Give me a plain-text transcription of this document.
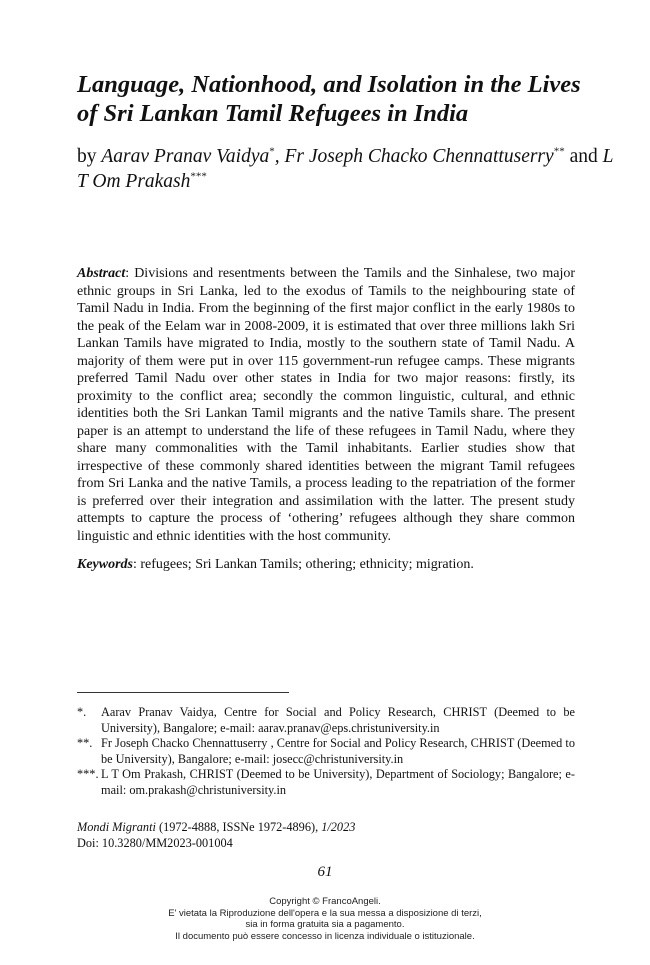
Language, Nationhood, and Isolation in the Lives of Sri Lankan Tamil Refugees in India

by Aarav Pranav Vaidya*, Fr Joseph Chacko Chennattuserry** and L T Om Prakash***

Abstract: Divisions and resentments between the Tamils and the Sinhalese, two major ethnic groups in Sri Lanka, led to the exodus of Tamils to the neighbouring state of Tamil Nadu in India. From the beginning of the first major conflict in the early 1980s to the peak of the Eelam war in 2008-2009, it is estimated that over three millions lakh Sri Lankan Tamils have migrated to India, mostly to the southern state of Tamil Nadu. A majority of them were put in over 115 government-run refugee camps. These migrants preferred Tamil Nadu over other states in India for two major reasons: firstly, its proximity to the conflict area; secondly the common linguistic, cultural, and ethnic identities both the Sri Lankan Tamil migrants and the native Tamils share. The present paper is an attempt to understand the life of these refugees in Tamil Nadu, where they share many commonalities with the Tamil inhabitants. Earlier studies show that irrespective of these commonly shared identities between the migrant Tamil refugees from Sri Lanka and the native Tamils, a process leading to the repatriation of the former is preferred over their integration and assimilation with the latter. The present study attempts to capture the process of ‘othering’ refugees although they share common linguistic and ethnic identities with the host community.

Keywords: refugees; Sri Lankan Tamils; othering; ethnicity; migration.

*. Aarav Pranav Vaidya, Centre for Social and Policy Research, CHRIST (Deemed to be University), Bangalore; e-mail: aarav.pranav@eps.christuniversity.in
**. Fr Joseph Chacko Chennattuserry , Centre for Social and Policy Research, CHRIST (Deemed to be University), Bangalore; e-mail: josecc@christuniversity.in
***. L T Om Prakash, CHRIST (Deemed to be University), Department of Sociology; Bangalore; e-mail: om.prakash@christuniversity.in

Mondi Migranti (1972-4888, ISSNe 1972-4896), 1/2023
Doi: 10.3280/MM2023-001004

61
Copyright © FrancoAngeli.
E' vietata la Riproduzione dell'opera e la sua messa a disposizione di terzi,
sia in forma gratuita sia a pagamento.
Il documento può essere concesso in licenza individuale o istituzionale.
